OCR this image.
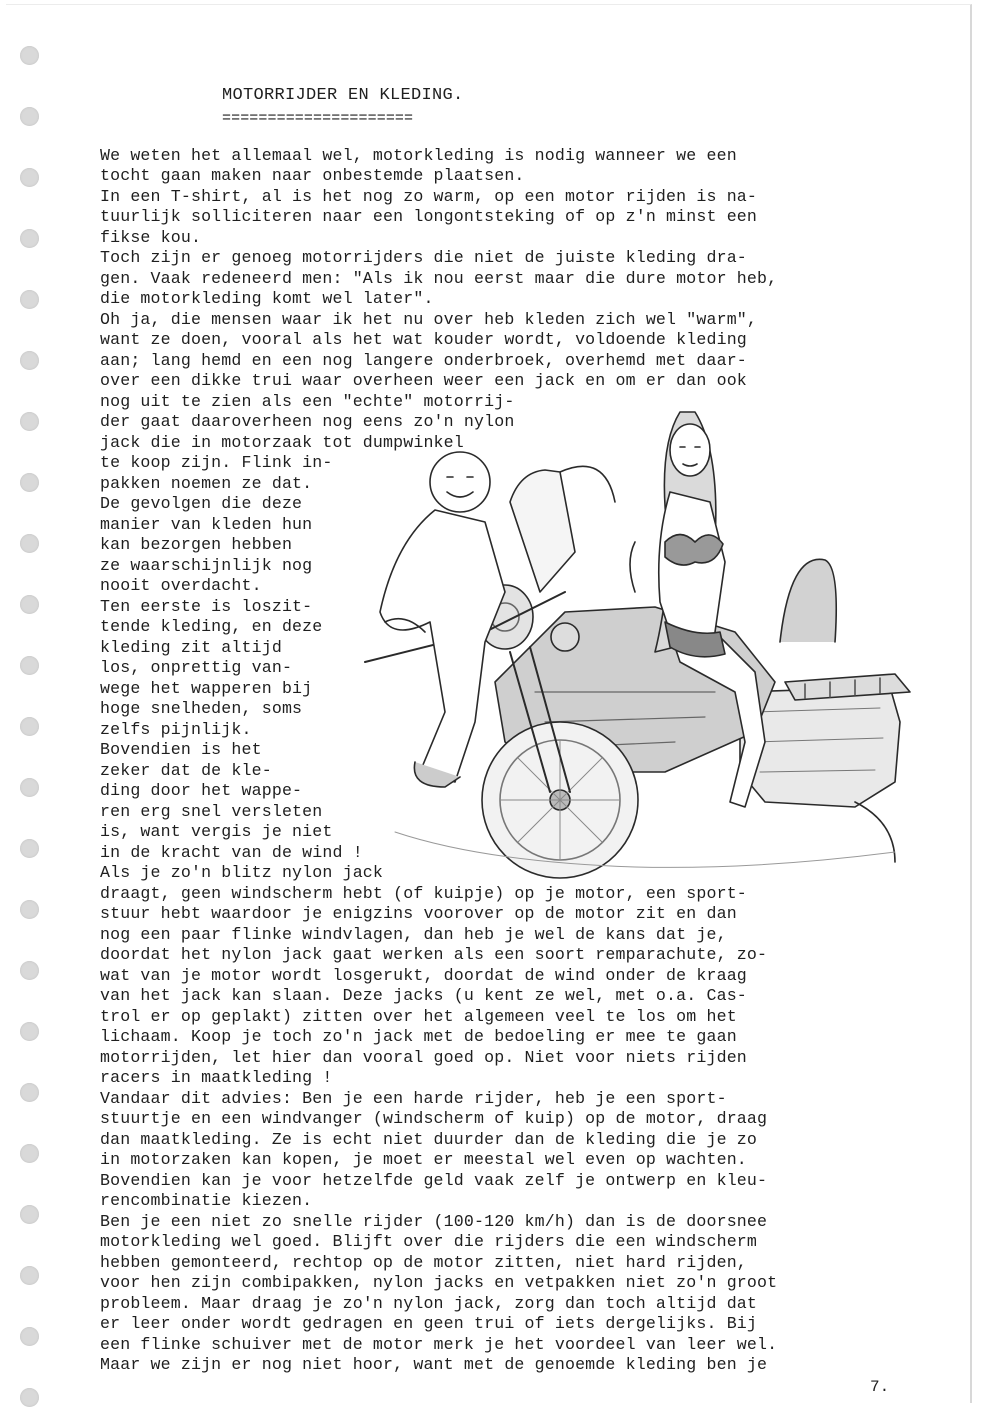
MOTORRIJDER EN KLEDING.
=====================
We weten het allemaal wel, motorkleding is nodig wanneer we een
tocht gaan maken naar onbestemde plaatsen.
In een T-shirt, al is het nog zo warm, op een motor rijden is na-
tuurlijk solliciteren naar een longontsteking of op z'n minst een
fikse kou.
Toch zijn er genoeg motorrijders die niet de juiste kleding dra-
gen. Vaak redeneerd men: "Als ik nou eerst maar die dure motor heb,
die motorkleding komt wel later".
Oh ja, die mensen waar ik het nu over heb kleden zich wel "warm",
want ze doen, vooral als het wat kouder wordt, voldoende kleding
aan; lang hemd en een nog langere onderbroek, overhemd met daar-
over een dikke trui waar overheen weer een jack en om er dan ook
nog uit te zien als een "echte" motorrij-
der gaat daaroverheen nog eens zo'n nylon
jack die in motorzaak tot dumpwinkel
te koop zijn. Flink in-
pakken noemen ze dat.
De gevolgen die deze
manier van kleden hun
kan bezorgen hebben
ze waarschijnlijk nog
nooit overdacht.
Ten eerste is loszit-
tende kleding, en deze
kleding zit altijd
los, onprettig van-
wege het wapperen bij
hoge snelheden, soms
zelfs pijnlijk.
Bovendien is het
zeker dat de kle-
ding door het wappe-
ren erg snel versleten
is, want vergis je niet
in de kracht van de wind !
Als je zo'n blitz nylon jack
draagt, geen windscherm hebt (of kuipje) op je motor, een sport-
stuur hebt waardoor je enigzins voorover op de motor zit en dan
nog een paar flinke windvlagen, dan heb je wel de kans dat je,
doordat het nylon jack gaat werken als een soort remparachute, zo-
wat van je motor wordt losgerukt, doordat de wind onder de kraag
van het jack kan slaan. Deze jacks (u kent ze wel, met o.a. Cas-
trol er op geplakt) zitten over het algemeen veel te los om het
lichaam. Koop je toch zo'n jack met de bedoeling er mee te gaan
motorrijden, let hier dan vooral goed op. Niet voor niets rijden
racers in maatkleding !
Vandaar dit advies: Ben je een harde rijder, heb je een sport-
stuurtje en een windvanger (windscherm of kuip) op de motor, draag
dan maatkleding. Ze is echt niet duurder dan de kleding die je zo
in motorzaken kan kopen, je moet er meestal wel even op wachten.
Bovendien kan je voor hetzelfde geld vaak zelf je ontwerp en kleu-
rencombinatie kiezen.
Ben je een niet zo snelle rijder (100-120 km/h) dan is de doorsnee
motorkleding wel goed. Blijft over die rijders die een windscherm
hebben gemonteerd, rechtop op de motor zitten, niet hard rijden,
voor hen zijn combipakken, nylon jacks en vetpakken niet zo'n groot
probleem. Maar draag je zo'n nylon jack, zorg dan toch altijd dat
er leer onder wordt gedragen en geen trui of iets dergelijks. Bij
een flinke schuiver met de motor merk je het voordeel van leer wel.
Maar we zijn er nog niet hoor, want met de genoemde kleding ben je
7.
